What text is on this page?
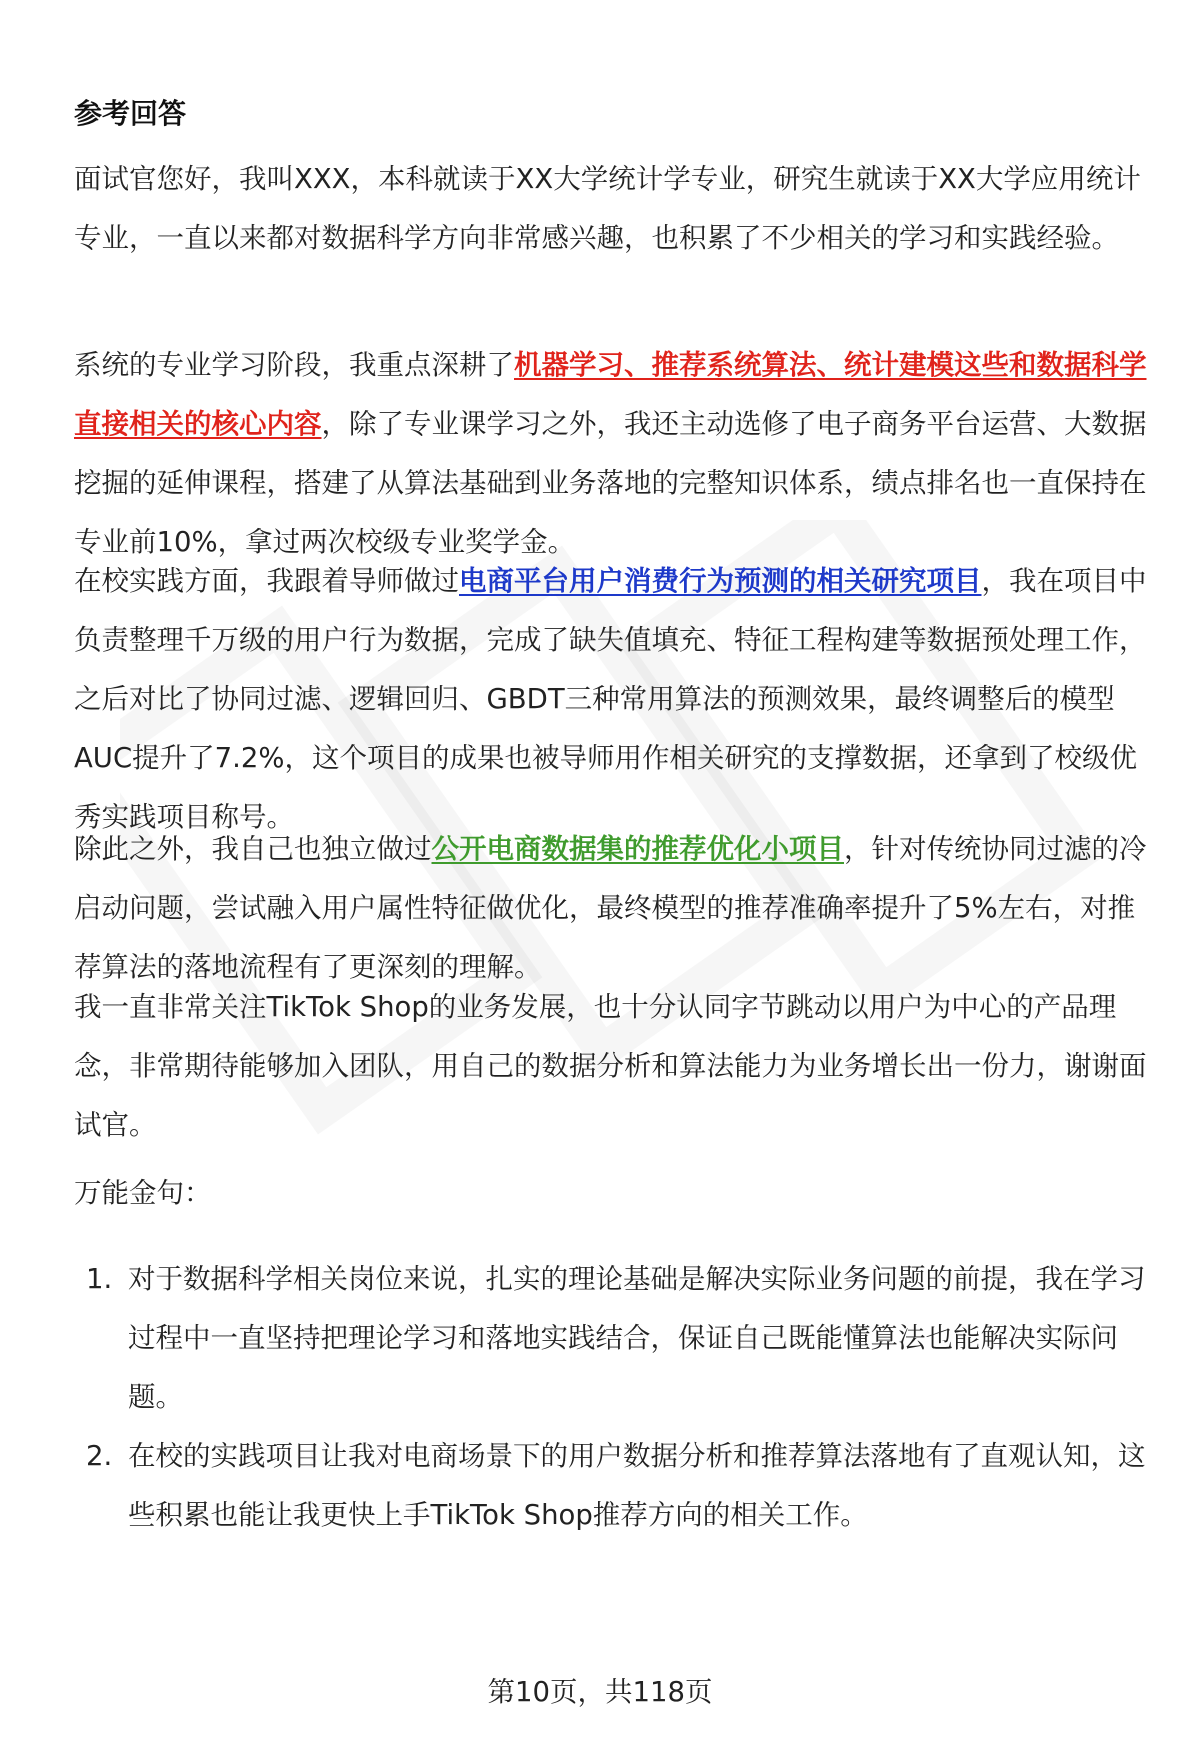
参考回答

面试官您好，我叫XXX，本科就读于XX大学统计学专业，研究生就读于XX大学应用统计专业，一直以来都对数据科学方向非常感兴趣，也积累了不少相关的学习和实践经验。

系统的专业学习阶段，我重点深耕了机器学习、推荐系统算法、统计建模这些和数据科学直接相关的核心内容，除了专业课学习之外，我还主动选修了电子商务平台运营、大数据挖掘的延伸课程，搭建了从算法基础到业务落地的完整知识体系，绩点排名也一直保持在专业前10%，拿过两次校级专业奖学金。

在校实践方面，我跟着导师做过电商平台用户消费行为预测的相关研究项目，我在项目中负责整理千万级的用户行为数据，完成了缺失值填充、特征工程构建等数据预处理工作，之后对比了协同过滤、逻辑回归、GBDT三种常用算法的预测效果，最终调整后的模型AUC提升了7.2%，这个项目的成果也被导师用作相关研究的支撑数据，还拿到了校级优秀实践项目称号。

除此之外，我自己也独立做过公开电商数据集的推荐优化小项目，针对传统协同过滤的冷启动问题，尝试融入用户属性特征做优化，最终模型的推荐准确率提升了5%左右，对推荐算法的落地流程有了更深刻的理解。

我一直非常关注TikTok Shop的业务发展，也十分认同字节跳动以用户为中心的产品理念，非常期待能够加入团队，用自己的数据分析和算法能力为业务增长出一份力，谢谢面试官。

万能金句：

1. 对于数据科学相关岗位来说，扎实的理论基础是解决实际业务问题的前提，我在学习过程中一直坚持把理论学习和落地实践结合，保证自己既能懂算法也能解决实际问题。
2. 在校的实践项目让我对电商场景下的用户数据分析和推荐算法落地有了直观认知，这些积累也能让我更快上手TikTok Shop推荐方向的相关工作。
第10页，共118页
